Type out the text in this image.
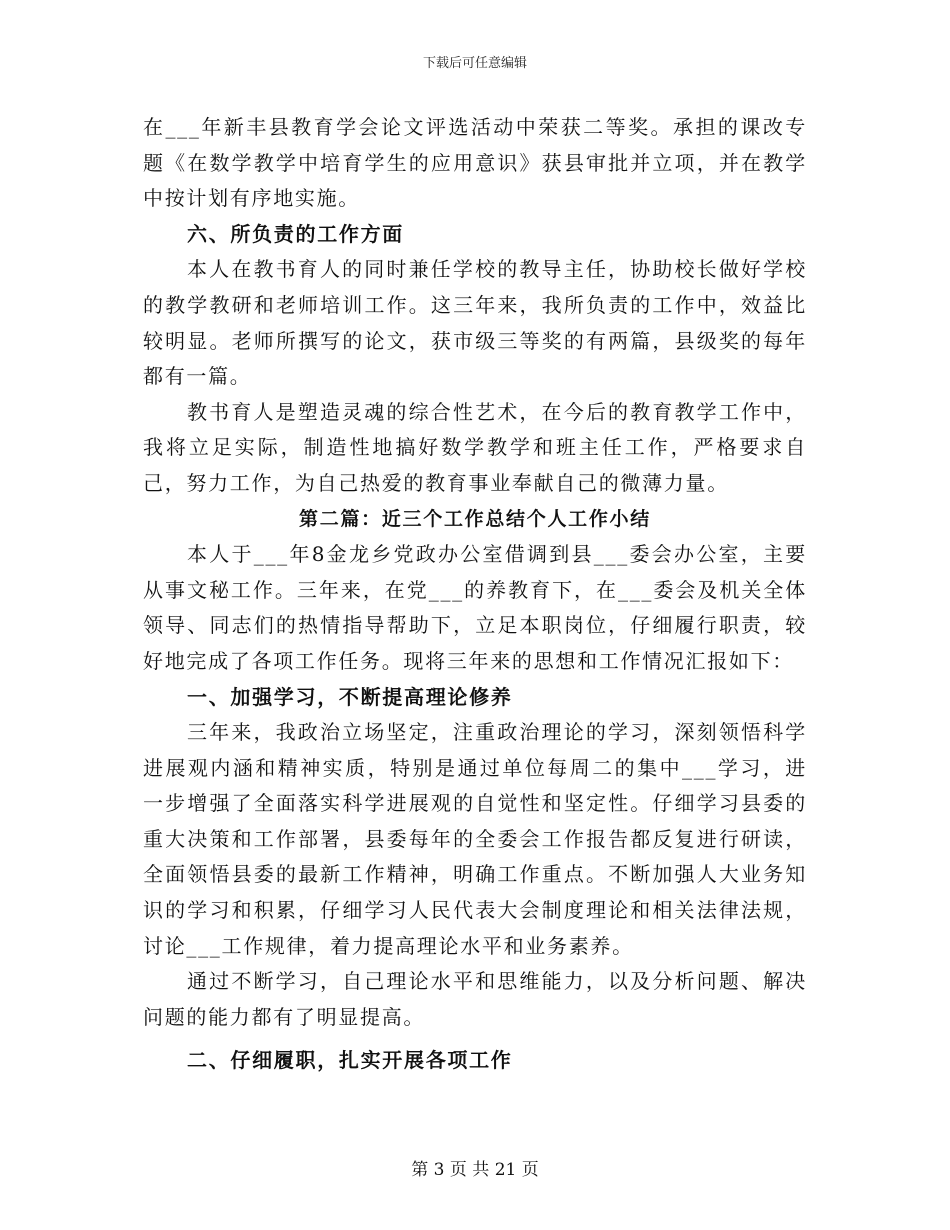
下载后可任意编辑

在___年新丰县教育学会论文评选活动中荣获二等奖。承担的课改专题《在数学教学中培育学生的应用意识》获县审批并立项，并在教学中按计划有序地实施。

六、所负责的工作方面

本人在教书育人的同时兼任学校的教导主任，协助校长做好学校的教学教研和老师培训工作。这三年来，我所负责的工作中，效益比较明显。老师所撰写的论文，获市级三等奖的有两篇，县级奖的每年都有一篇。

教书育人是塑造灵魂的综合性艺术，在今后的教育教学工作中，我将立足实际，制造性地搞好数学教学和班主任工作，严格要求自己，努力工作，为自己热爱的教育事业奉献自己的微薄力量。

第二篇：近三个工作总结个人工作小结

本人于___年8金龙乡党政办公室借调到县___委会办公室，主要从事文秘工作。三年来，在党___的养教育下，在___委会及机关全体领导、同志们的热情指导帮助下，立足本职岗位，仔细履行职责，较好地完成了各项工作任务。现将三年来的思想和工作情况汇报如下：

一、加强学习，不断提高理论修养

三年来，我政治立场坚定，注重政治理论的学习，深刻领悟科学进展观内涵和精神实质，特别是通过单位每周二的集中___学习，进一步增强了全面落实科学进展观的自觉性和坚定性。仔细学习县委的重大决策和工作部署，县委每年的全委会工作报告都反复进行研读，全面领悟县委的最新工作精神，明确工作重点。不断加强人大业务知识的学习和积累，仔细学习人民代表大会制度理论和相关法律法规，讨论___工作规律，着力提高理论水平和业务素养。

通过不断学习，自己理论水平和思维能力，以及分析问题、解决问题的能力都有了明显提高。

二、仔细履职，扎实开展各项工作

第 3 页 共 21 页
